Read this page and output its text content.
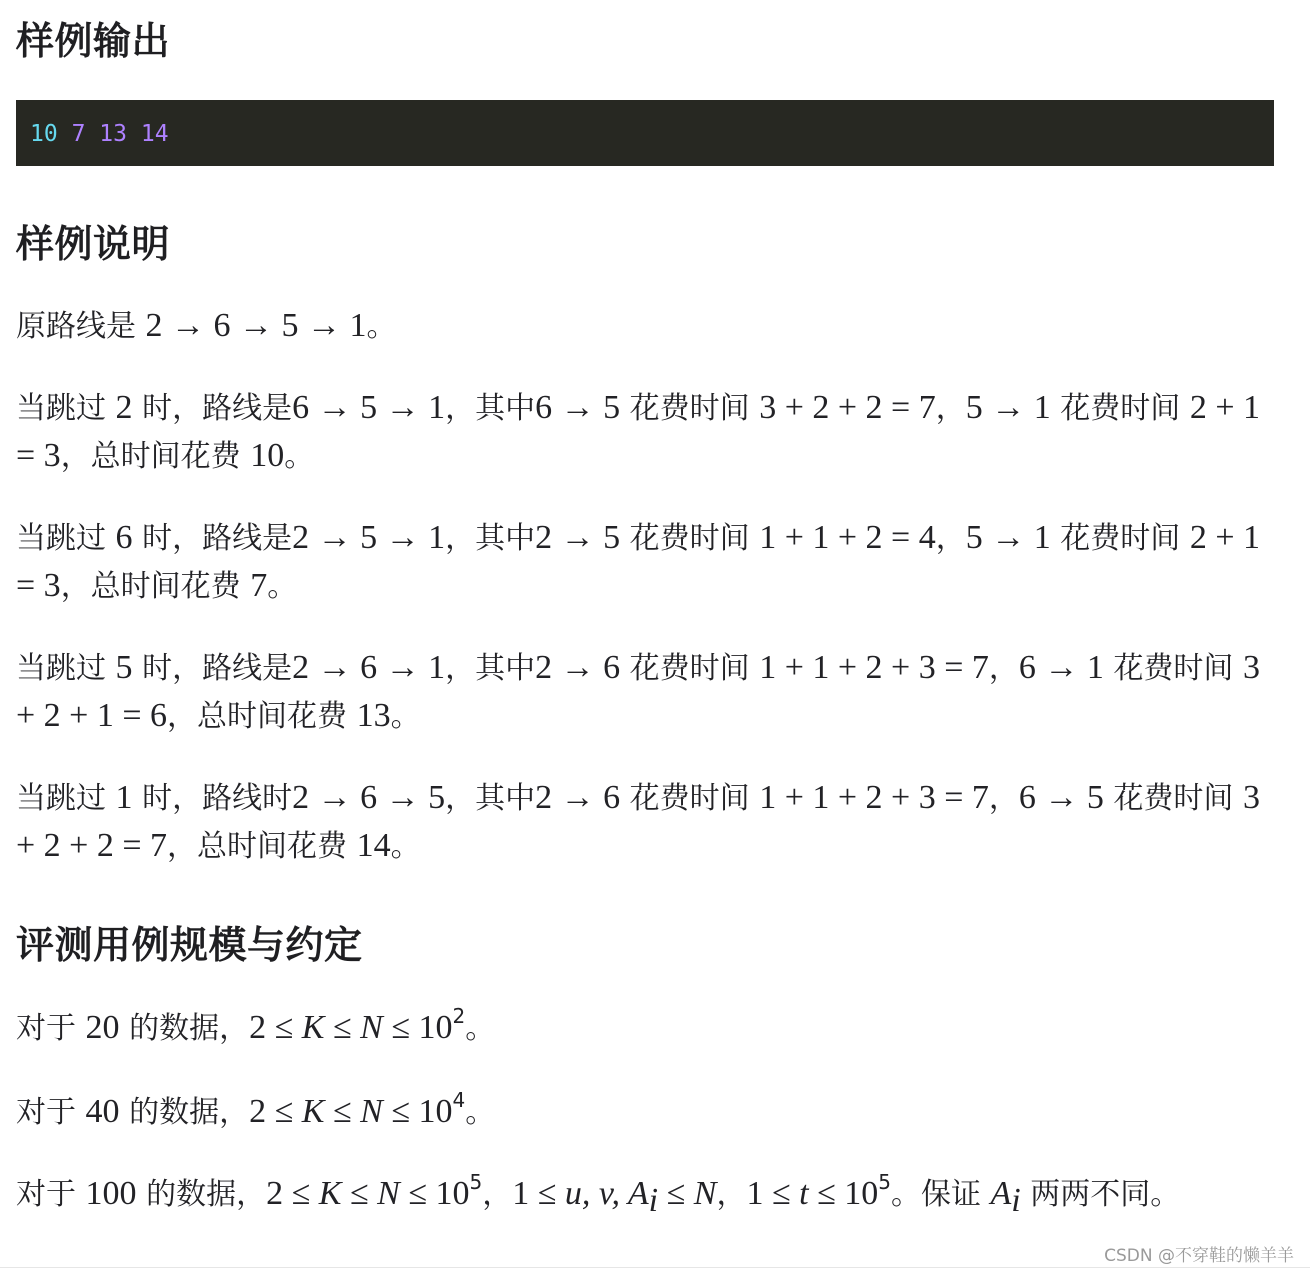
样例输出
10 7 13 14
样例说明

原路线是 2 → 6 → 5 → 1。

当跳过 2 时，路线是6 → 5 → 1，其中6 → 5 花费时间 3 + 2 + 2 = 7，5 → 1 花费时间 2 + 1 = 3，总时间花费 10。

当跳过 6 时，路线是2 → 5 → 1，其中2 → 5 花费时间 1 + 1 + 2 = 4，5 → 1 花费时间 2 + 1 = 3，总时间花费 7。

当跳过 5 时，路线是2 → 6 → 1，其中2 → 6 花费时间 1 + 1 + 2 + 3 = 7，6 → 1 花费时间 3 + 2 + 1 = 6，总时间花费 13。

当跳过 1 时，路线时2 → 6 → 5，其中2 → 6 花费时间 1 + 1 + 2 + 3 = 7，6 → 5 花费时间 3 + 2 + 2 = 7，总时间花费 14。

评测用例规模与约定

对于 20 的数据，$2 \le K \le N \le 10^2$。

对于 40 的数据，$2 \le K \le N \le 10^4$。

对于 100 的数据，$2 \le K \le N \le 10^5$，1 ≤ u, v, $A_i \le N$，$1 \le t \le 10^5$。保证 $A_i$ 两两不同。

CSDN @不穿鞋的懒羊羊
